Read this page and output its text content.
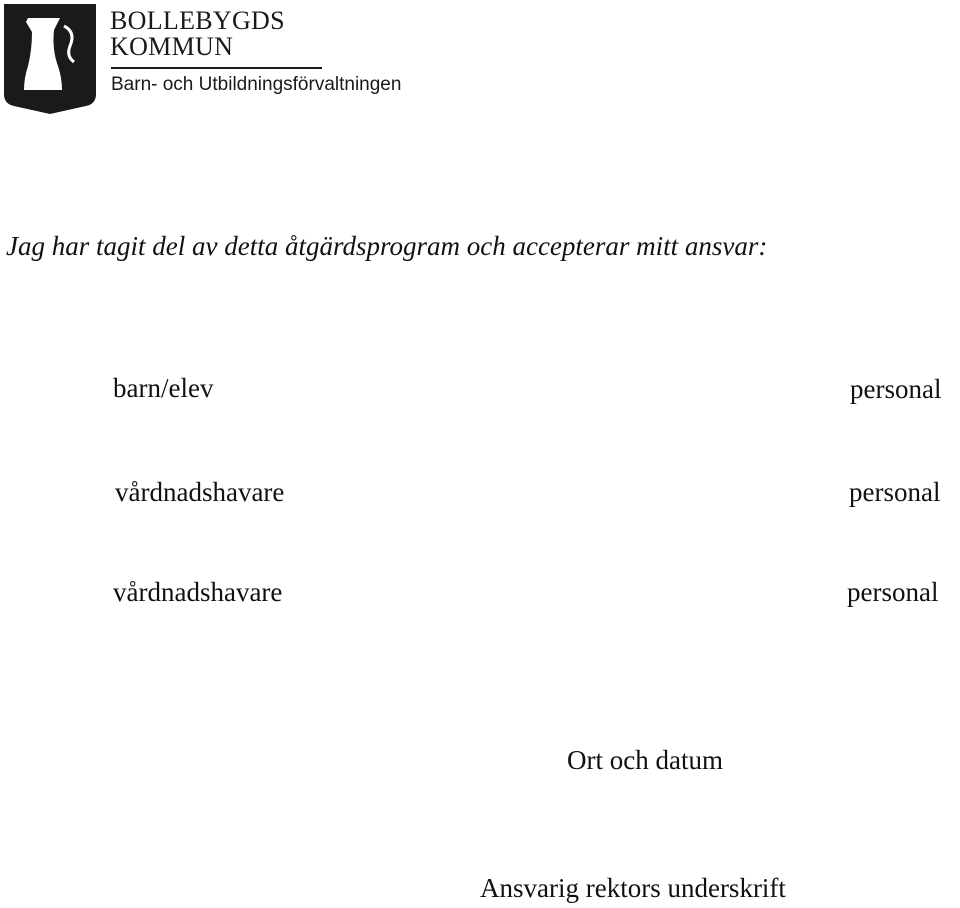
BOLLEBYGDS
KOMMUN
Barn- och Utbildningsförvaltningen
Jag har tagit del av detta åtgärdsprogram och accepterar mitt ansvar:
barn/elev	personal
vårdnadshavare	personal
vårdnadshavare	personal
Ort och datum
Ansvarig rektors underskrift
